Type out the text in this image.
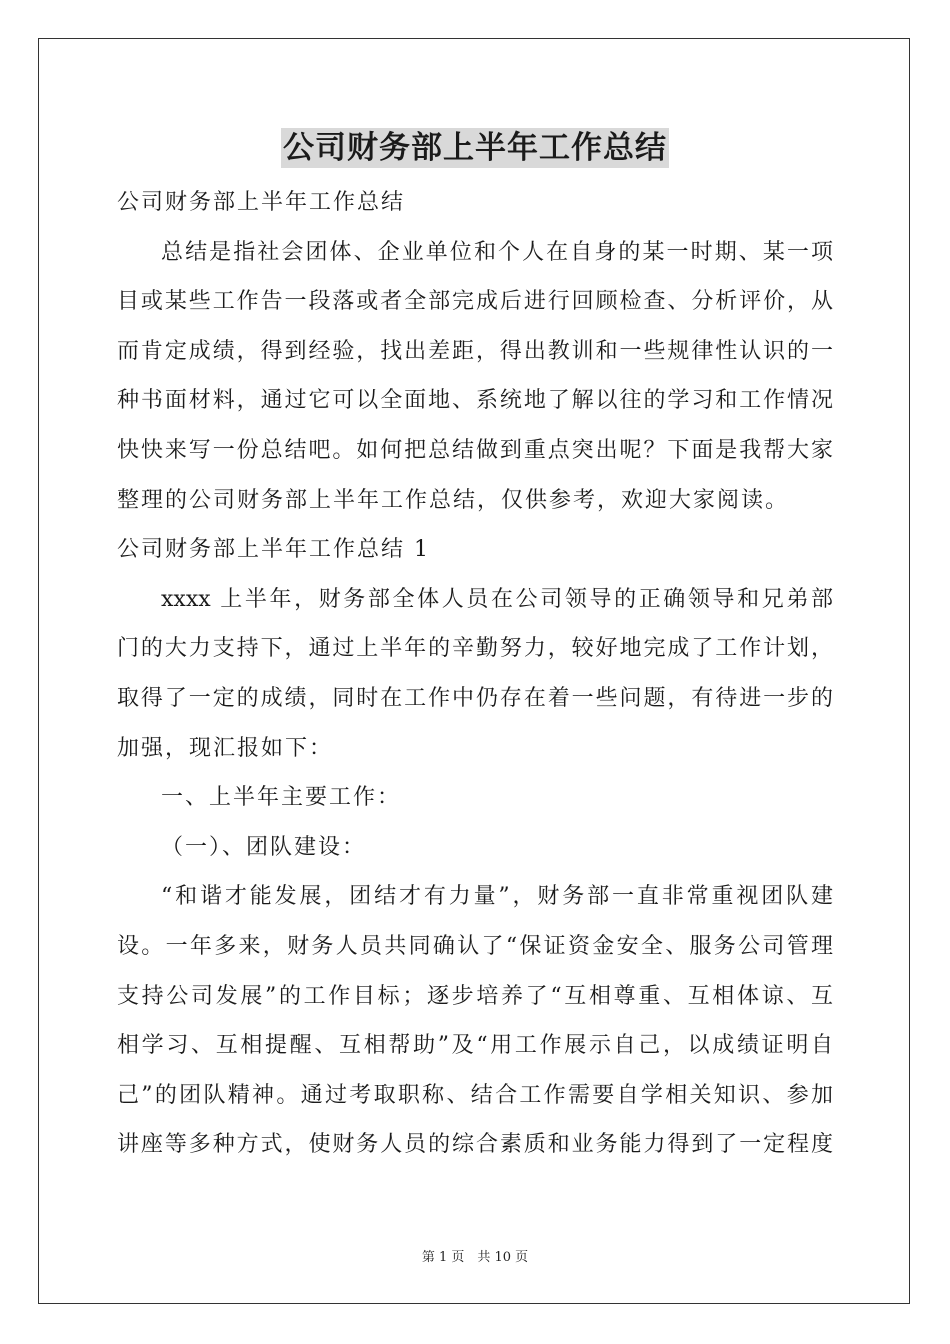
公司财务部上半年工作总结
公司财务部上半年工作总结
总结是指社会团体、企业单位和个人在自身的某一时期、某一项
目或某些工作告一段落或者全部完成后进行回顾检查、分析评价，从
而肯定成绩，得到经验，找出差距，得出教训和一些规律性认识的一
种书面材料，通过它可以全面地、系统地了解以往的学习和工作情况
快快来写一份总结吧。如何把总结做到重点突出呢？下面是我帮大家
整理的公司财务部上半年工作总结，仅供参考，欢迎大家阅读。
公司财务部上半年工作总结 1
xxxx 上半年，财务部全体人员在公司领导的正确领导和兄弟部
门的大力支持下，通过上半年的辛勤努力，较好地完成了工作计划，
取得了一定的成绩，同时在工作中仍存在着一些问题，有待进一步的
加强，现汇报如下：
一、上半年主要工作：
（一）、团队建设：
“和谐才能发展，团结才有力量”，财务部一直非常重视团队建
设。一年多来，财务人员共同确认了“保证资金安全、服务公司管理
支持公司发展”的工作目标；逐步培养了“互相尊重、互相体谅、互
相学习、互相提醒、互相帮助”及“用工作展示自己，以成绩证明自
己”的团队精神。通过考取职称、结合工作需要自学相关知识、参加
讲座等多种方式，使财务人员的综合素质和业务能力得到了一定程度
第 1 页　共 10 页
